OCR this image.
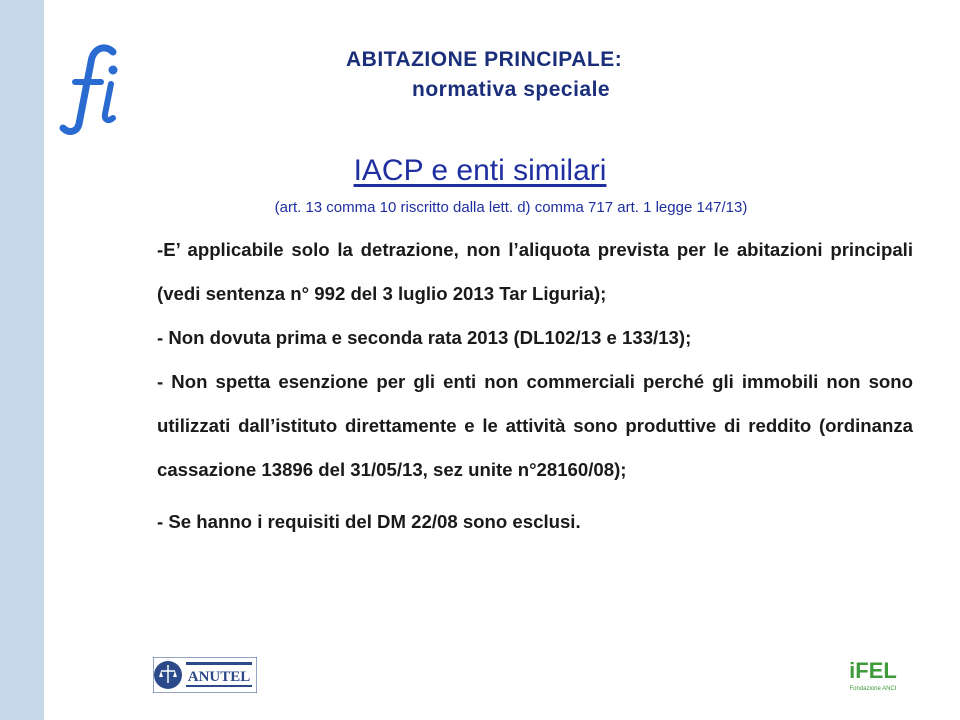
ABITAZIONE PRINCIPALE:
normativa speciale
IACP e enti similari
(art. 13 comma 10 riscritto dalla lett. d) comma 717 art. 1 legge 147/13)

-E’ applicabile solo la detrazione, non l’aliquota prevista per le abitazioni principali (vedi sentenza n° 992 del 3 luglio 2013 Tar Liguria);

- Non dovuta prima e seconda rata 2013 (DL102/13 e 133/13);

- Non spetta esenzione per gli enti non commerciali perché gli immobili non sono utilizzati dall’istituto direttamente e le attività sono produttive di reddito (ordinanza cassazione 13896 del 31/05/13, sez unite n°28160/08);

- Se hanno i requisiti del DM 22/08 sono esclusi.

ANUTEL	iFEL
Fondazione ANCI
